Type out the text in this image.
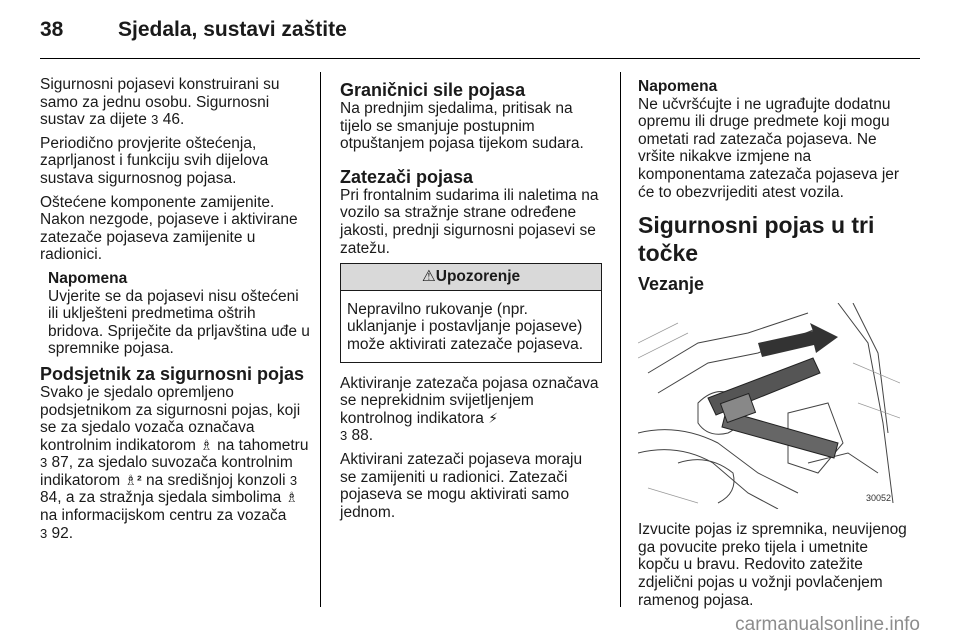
38	Sjedala, sustavi zaštite

Sigurnosni pojasevi konstruirani su samo za jednu osobu. Sigurnosni sustav za dijete 3 46.

Periodično provjerite oštećenja, zaprljanost i funkciju svih dijelova sustava sigurnosnog pojasa.

Oštećene komponente zamijenite. Nakon nezgode, pojaseve i aktivirane zatezače pojaseva zamijenite u radionici.

Napomena
Uvjerite se da pojasevi nisu oštećeni ili uklješteni predmetima oštrih bridova. Spriječite da prljavština uđe u spremnike pojasa.
Podsjetnik za sigurnosni pojas

Svako je sjedalo opremljeno podsjetnikom za sigurnosni pojas, koji se za sjedalo vozača označava kontrolnim indikatorom ♗ na tahometru 3 87, za sjedalo suvozača kontrolnim indikatorom ♗² na središnjoj konzoli 3 84, a za stražnja sjedala simbolima ♗ na informacijskom centru za vozača
3 92.

Graničnici sile pojasa

Na prednjim sjedalima, pritisak na tijelo se smanjuje postupnim otpuštanjem pojasa tijekom sudara.

Zatezači pojasa

Pri frontalnim sudarima ili naletima na vozilo sa stražnje strane određene jakosti, prednji sigurnosni pojasevi se zatežu.

⚠Upozorenje
Nepravilno rukovanje (npr. uklanjanje i postavljanje pojaseve) može aktivirati zatezače pojaseva.

Aktiviranje zatezača pojasa označava se neprekidnim svijetljenjem kontrolnog indikatora ⚡
3 88.

Aktivirani zatezači pojaseva moraju se zamijeniti u radionici. Zatezači pojaseva se mogu aktivirati samo jednom.

Napomena
Ne učvršćujte i ne ugrađujte dodatnu opremu ili druge predmete koji mogu ometati rad zatezača pojaseva. Ne vršite nikakve izmjene na komponentama zatezača pojaseva jer će to obezvrijediti atest vozila.
Sigurnosni pojas u tri točke
Vezanje
30052

Izvucite pojas iz spremnika, neuvijenog ga povucite preko tijela i umetnite kopču u bravu. Redovito zatežite zdjelični pojas u vožnji povlačenjem ramenog pojasa.

carmanualsonline.info
